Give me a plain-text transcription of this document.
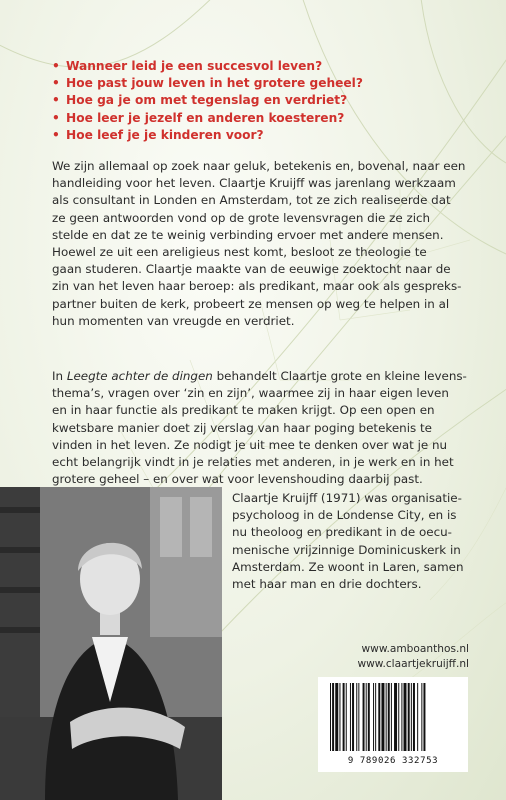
• Wanneer leid je een succesvol leven?
• Hoe past jouw leven in het grotere geheel?
• Hoe ga je om met tegenslag en verdriet?
• Hoe leer je jezelf en anderen koesteren?
• Hoe leef je je kinderen voor?

We zijn allemaal op zoek naar geluk, betekenis en, bovenal, naar een
handleiding voor het leven. Claartje Kruijff was jarenlang werkzaam
als consultant in Londen en Amsterdam, tot ze zich realiseerde dat
ze geen antwoorden vond op de grote levensvragen die ze zich
stelde en dat ze te weinig verbinding ervoer met andere mensen.
Hoewel ze uit een areligieus nest komt, besloot ze theologie te
gaan studeren. Claartje maakte van de eeuwige zoektocht naar de
zin van het leven haar beroep: als predikant, maar ook als gespreks-
partner buiten de kerk, probeert ze mensen op weg te helpen in al
hun momenten van vreugde en verdriet.

In Leegte achter de dingen behandelt Claartje grote en kleine levens-
thema’s, vragen over ‘zin en zijn’, waarmee zij in haar eigen leven
en in haar functie als predikant te maken krijgt. Op een open en
kwetsbare manier doet zij verslag van haar poging betekenis te
vinden in het leven. Ze nodigt je uit mee te denken over wat je nu
echt belangrijk vindt in je relaties met anderen, in je werk en in het
grotere geheel – en over wat voor levenshouding daarbij past.

Claartje Kruijff (1971) was organisatie-
psycholoog in de Londense City, en is
nu theoloog en predikant in de oecu-
menische vrijzinnige Dominicuskerk in
Amsterdam. Ze woont in Laren, samen
met haar man en drie dochters.

www.amboanthos.nl
www.claartjekruijff.nl
9 789026 332753
